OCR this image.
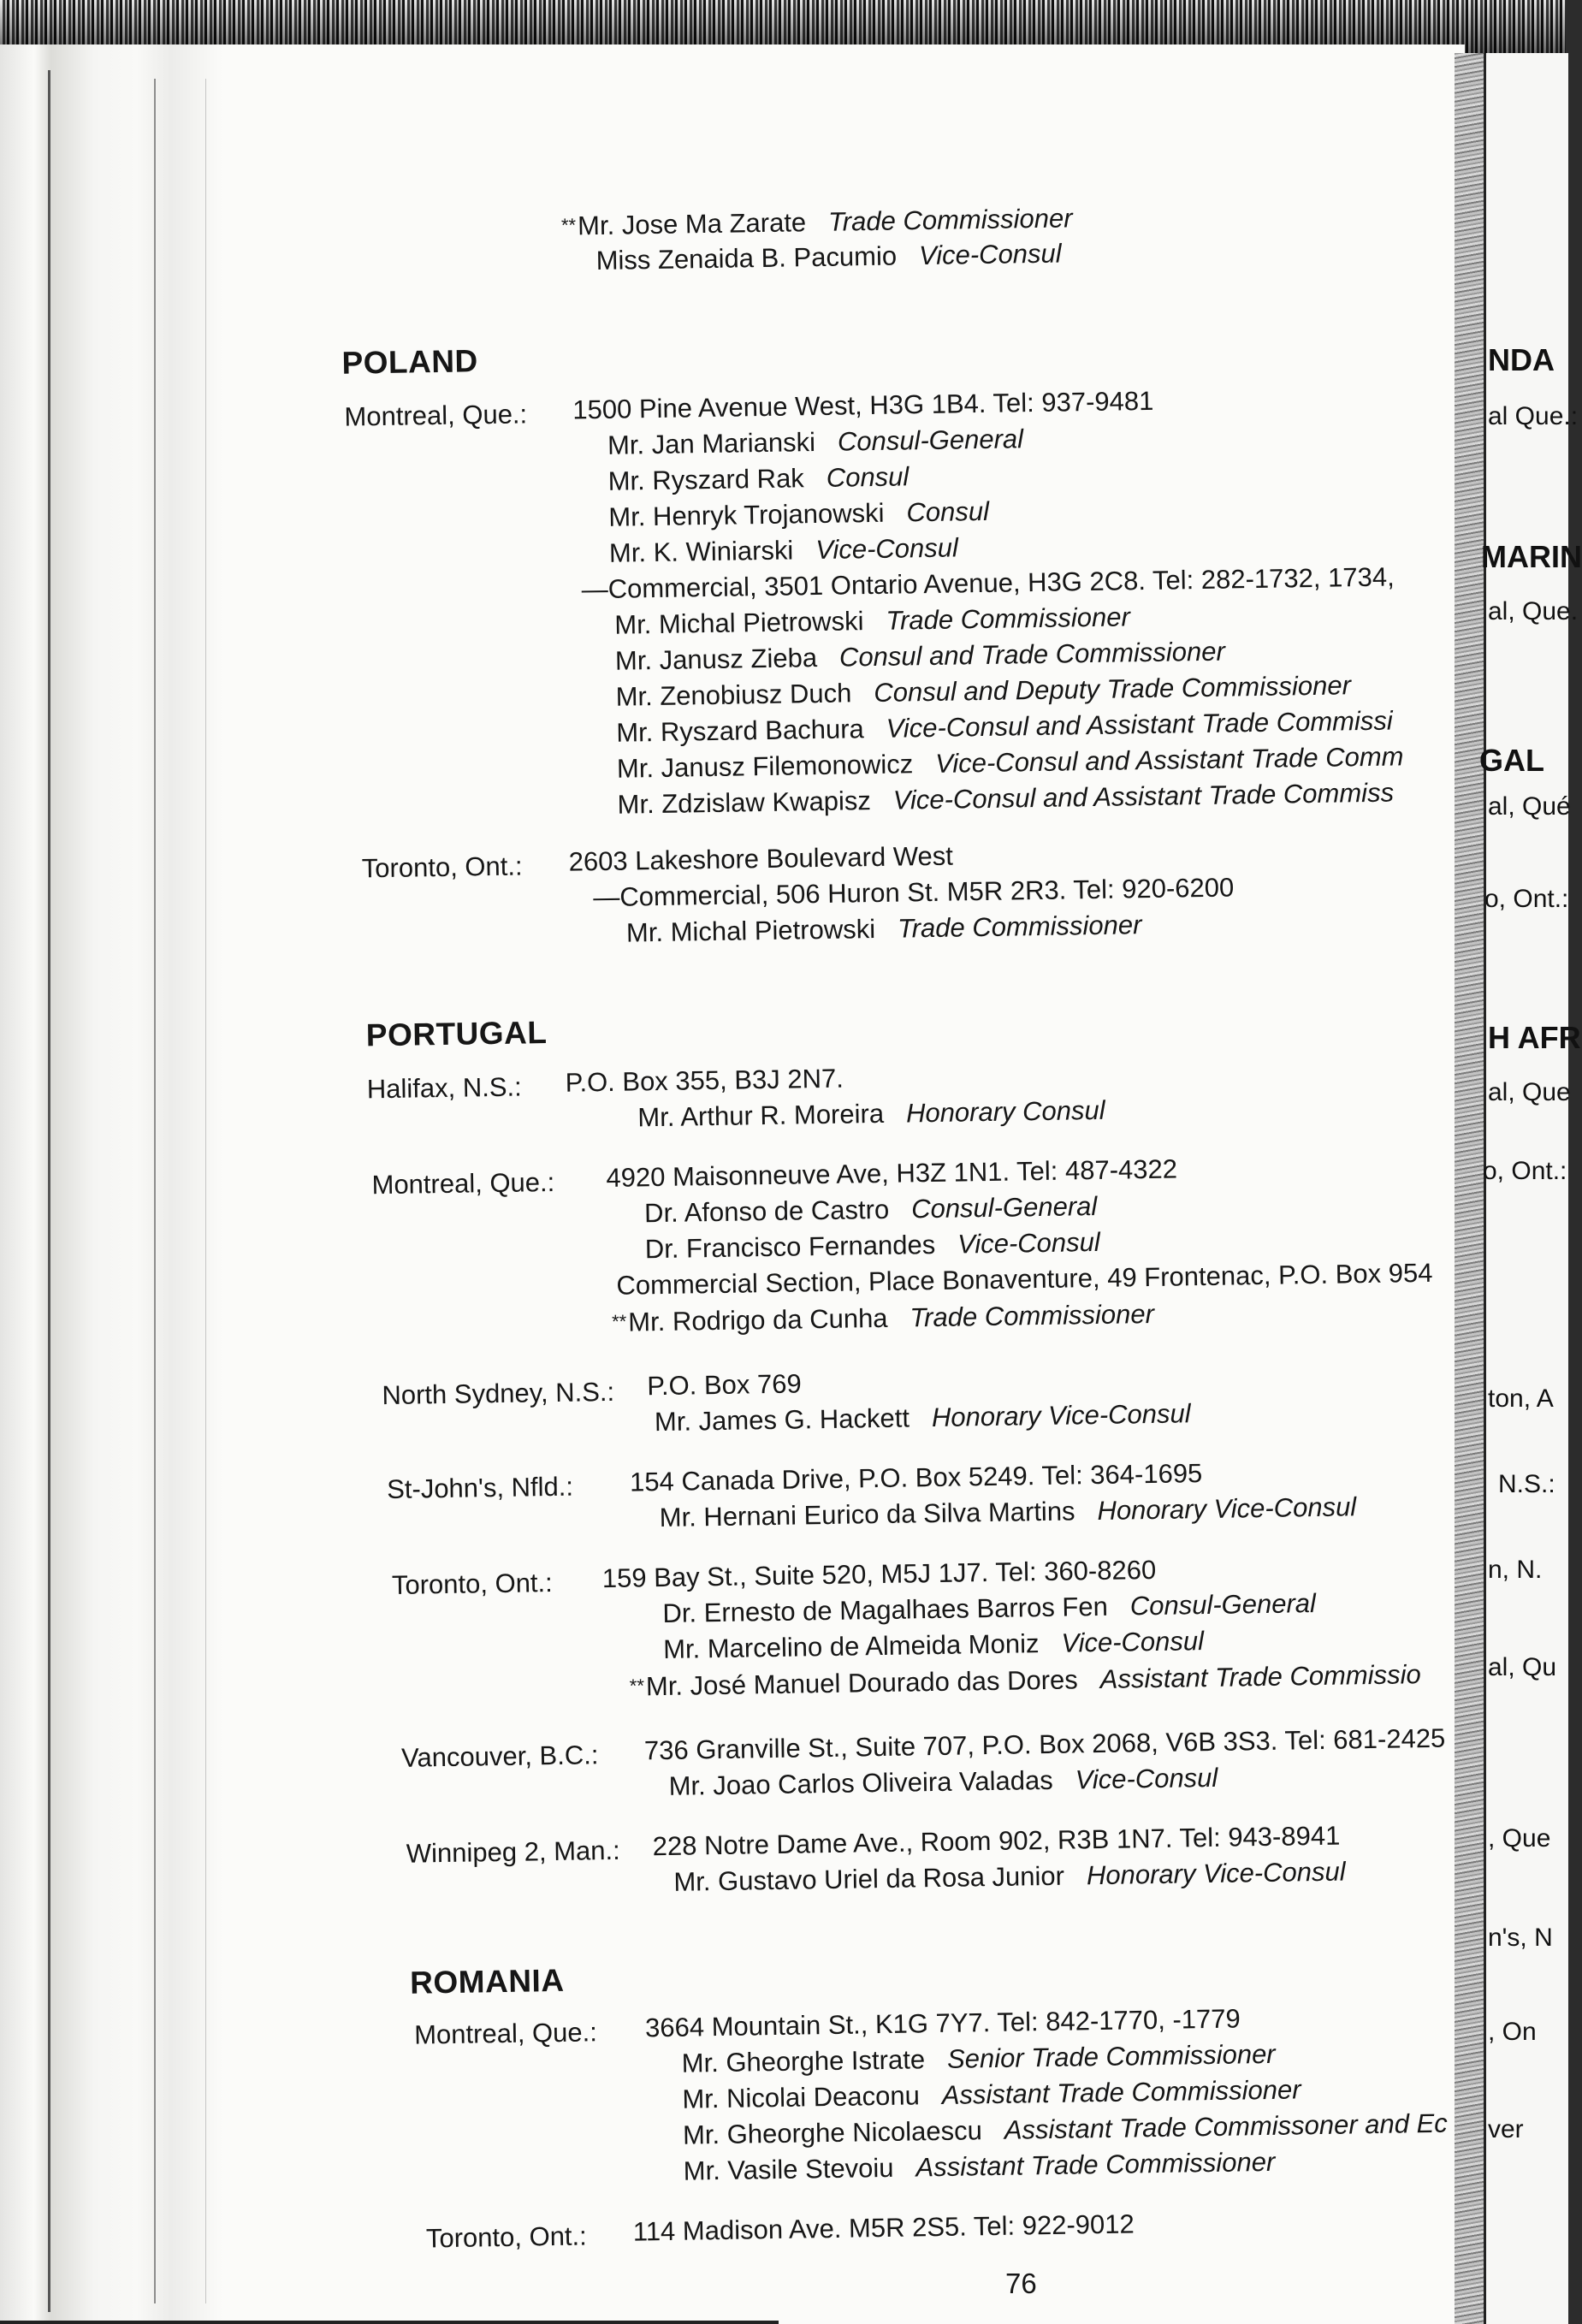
**Mr. Jose Ma Zarate Trade Commissioner
Miss Zenaida B. Pacumio Vice-Consul
POLAND
Montreal, Que.: 1500 Pine Avenue West, H3G 1B4. Tel: 937-9481
Mr. Jan Marianski Consul-General
Mr. Ryszard Rak Consul
Mr. Henryk Trojanowski Consul
Mr. K. Winiarski Vice-Consul
—Commercial, 3501 Ontario Avenue, H3G 2C8. Tel: 282-1732, 1734,
Mr. Michal Pietrowski Trade Commissioner
Mr. Janusz Zieba Consul and Trade Commissioner
Mr. Zenobiusz Duch Consul and Deputy Trade Commissioner
Mr. Ryszard Bachura Vice-Consul and Assistant Trade Commissi
Mr. Janusz Filemonowicz Vice-Consul and Assistant Trade Comm
Mr. Zdzislaw Kwapisz Vice-Consul and Assistant Trade Commiss
Toronto, Ont.: 2603 Lakeshore Boulevard West
—Commercial, 506 Huron St. M5R 2R3. Tel: 920-6200
Mr. Michal Pietrowski Trade Commissioner
PORTUGAL
Halifax, N.S.: P.O. Box 355, B3J 2N7.
Mr. Arthur R. Moreira Honorary Consul
Montreal, Que.: 4920 Maisonneuve Ave, H3Z 1N1. Tel: 487-4322
Dr. Afonso de Castro Consul-General
Dr. Francisco Fernandes Vice-Consul
Commercial Section, Place Bonaventure, 49 Frontenac, P.O. Box 954
**Mr. Rodrigo da Cunha Trade Commissioner
North Sydney, N.S.: P.O. Box 769
Mr. James G. Hackett Honorary Vice-Consul
St-John's, Nfld.: 154 Canada Drive, P.O. Box 5249. Tel: 364-1695
Mr. Hernani Eurico da Silva Martins Honorary Vice-Consul
Toronto, Ont.: 159 Bay St., Suite 520, M5J 1J7. Tel: 360-8260
Dr. Ernesto de Magalhaes Barros Fen Consul-General
Mr. Marcelino de Almeida Moniz Vice-Consul
**Mr. José Manuel Dourado das Dores Assistant Trade Commissio
Vancouver, B.C.: 736 Granville St., Suite 707, P.O. Box 2068, V6B 3S3. Tel: 681-2425
Mr. Joao Carlos Oliveira Valadas Vice-Consul
Winnipeg 2, Man.: 228 Notre Dame Ave., Room 902, R3B 1N7. Tel: 943-8941
Mr. Gustavo Uriel da Rosa Junior Honorary Vice-Consul
ROMANIA
Montreal, Que.: 3664 Mountain St., K1G 7Y7. Tel: 842-1770, -1779
Mr. Gheorghe Istrate Senior Trade Commissioner
Mr. Nicolai Deaconu Assistant Trade Commissioner
Mr. Gheorghe Nicolaescu Assistant Trade Commissoner and Ec
Mr. Vasile Stevoiu Assistant Trade Commissioner
Toronto, Ont.: 114 Madison Ave. M5R 2S5. Tel: 922-9012
76
NDA
al Que.:
MARIN
al, Que.
GAL
al, Qué
o, Ont.:
H AFR
al, Que
o, Ont.:
ton, A
N.S.:
n, N.
al, Qu
, Que
n's, N
, On
ver
